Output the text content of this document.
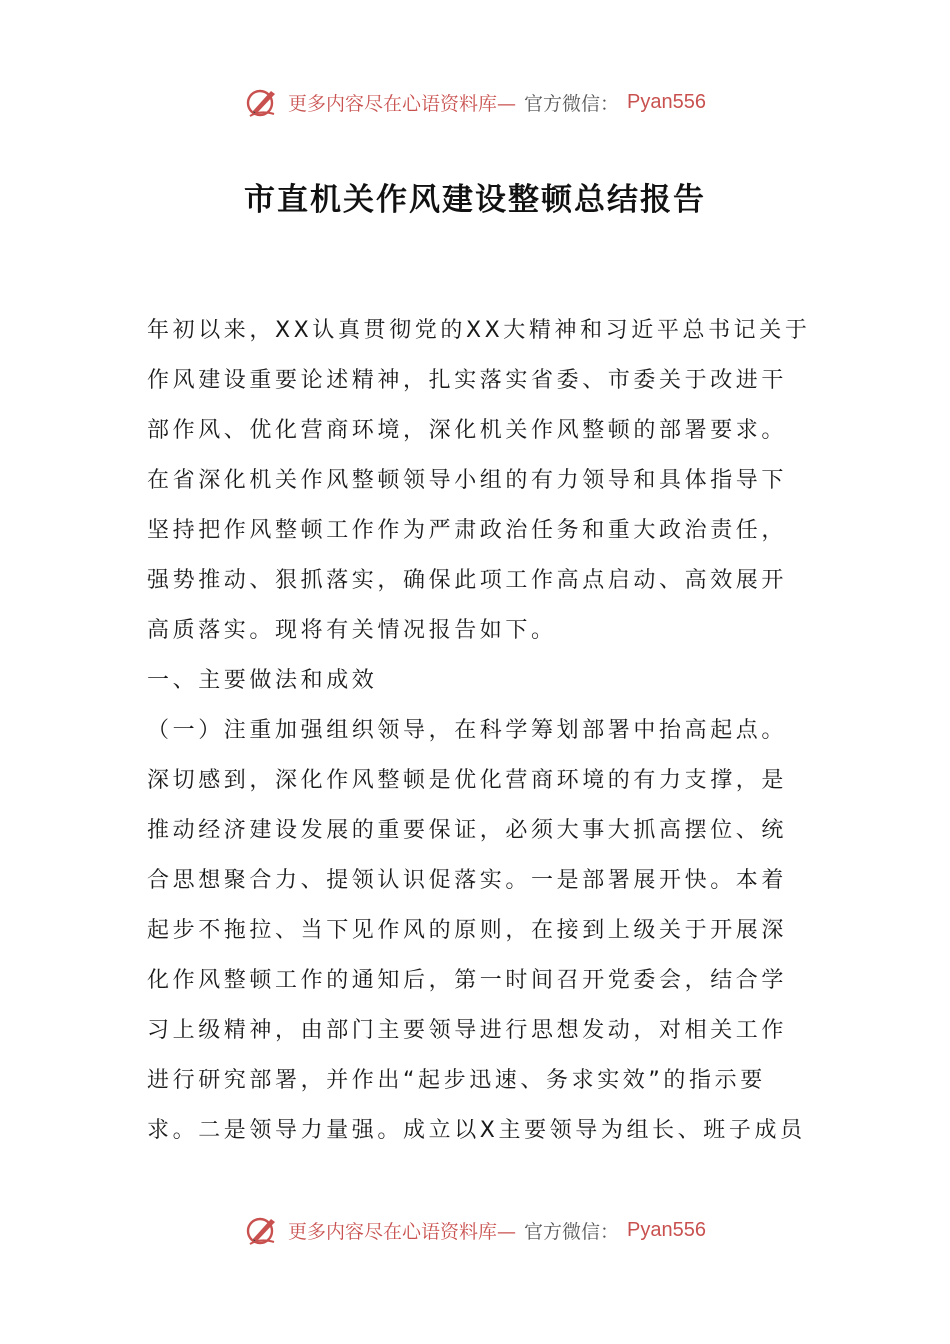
更多内容尽在心语资料库— 官方微信： Pyan556
市直机关作风建设整顿总结报告
年初以来，XX认真贯彻党的XX大精神和习近平总书记关于
作风建设重要论述精神，扎实落实省委、市委关于改进干
部作风、优化营商环境，深化机关作风整顿的部署要求。
在省深化机关作风整顿领导小组的有力领导和具体指导下
坚持把作风整顿工作作为严肃政治任务和重大政治责任，
强势推动、狠抓落实，确保此项工作高点启动、高效展开
高质落实。现将有关情况报告如下。
一、主要做法和成效
（一）注重加强组织领导，在科学筹划部署中抬高起点。
深切感到，深化作风整顿是优化营商环境的有力支撑，是
推动经济建设发展的重要保证，必须大事大抓高摆位、统
合思想聚合力、提领认识促落实。一是部署展开快。本着
起步不拖拉、当下见作风的原则，在接到上级关于开展深
化作风整顿工作的通知后，第一时间召开党委会，结合学
习上级精神，由部门主要领导进行思想发动，对相关工作
进行研究部署，并作出“起步迅速、务求实效”的指示要
求。二是领导力量强。成立以X主要领导为组长、班子成员
更多内容尽在心语资料库— 官方微信： Pyan556
